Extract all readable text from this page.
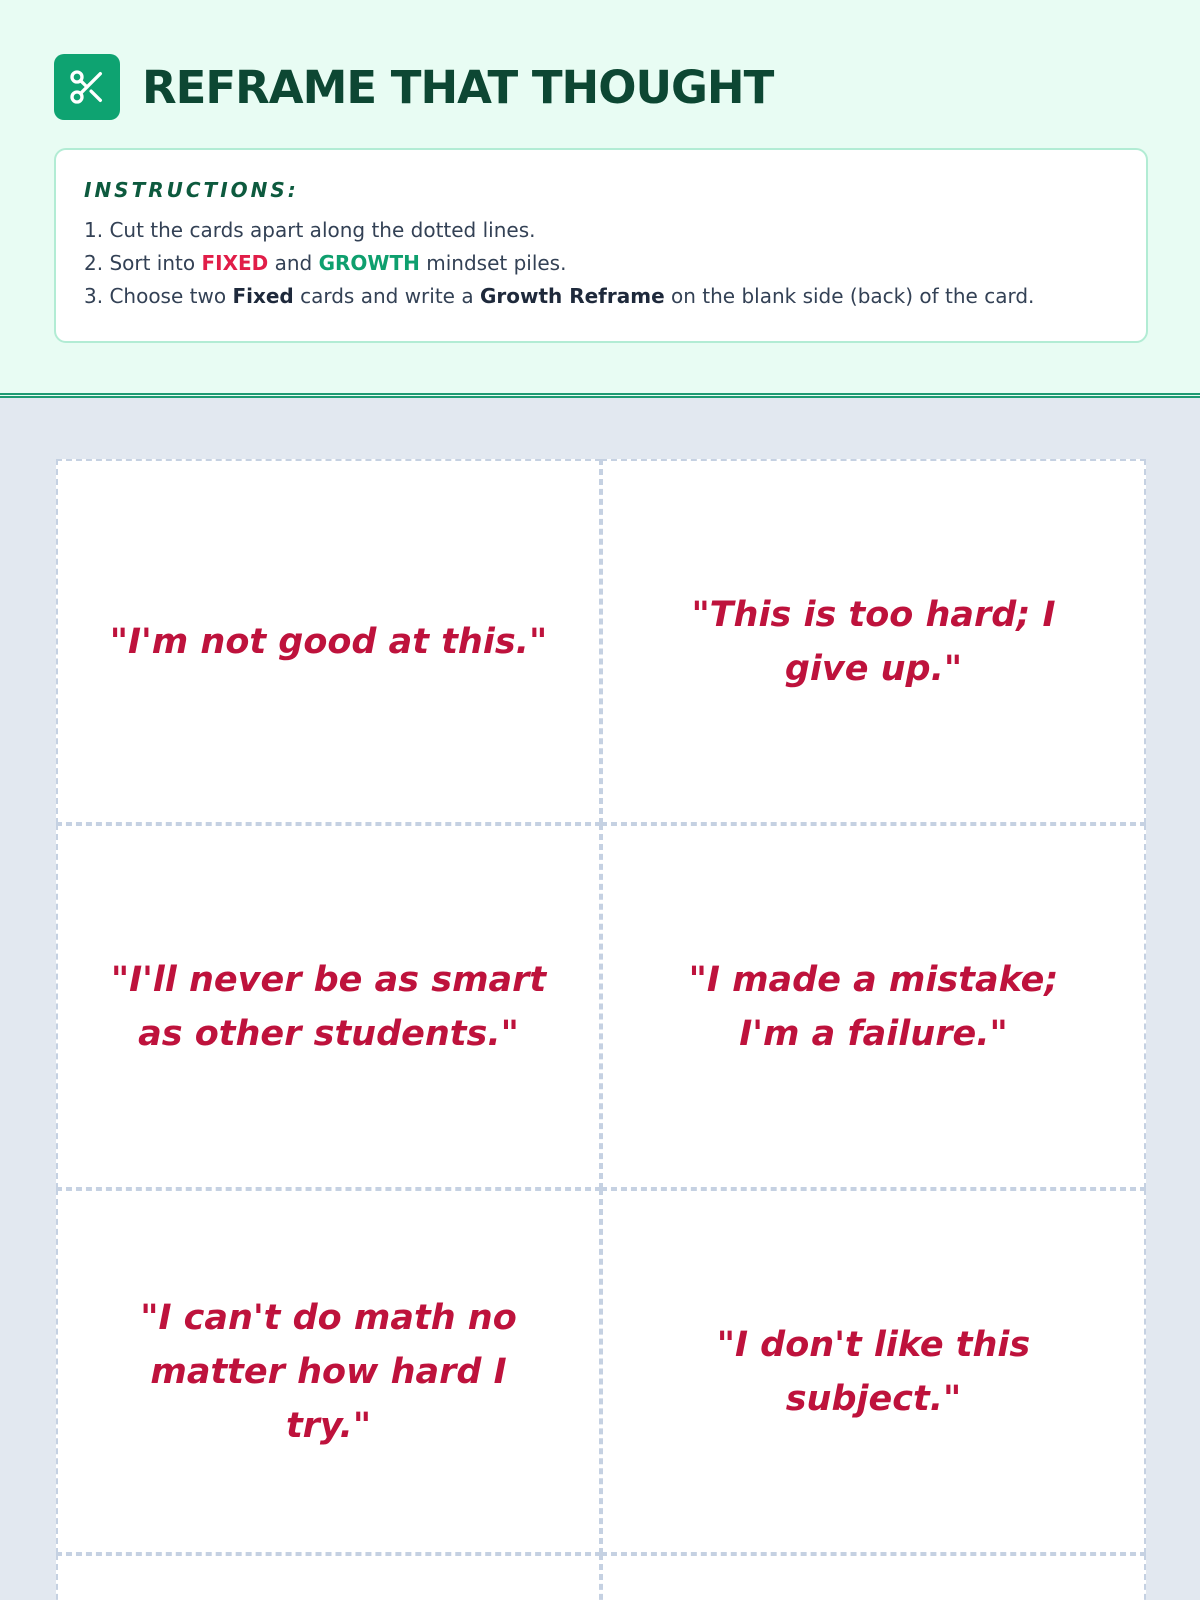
REFRAME THAT THOUGHT
INSTRUCTIONS:
1. Cut the cards apart along the dotted lines.
2. Sort into FIXED and GROWTH mindset piles.
3. Choose two Fixed cards and write a Growth Reframe on the blank side (back) of the card.
"I'm not good at this."
"This is too hard; I give up."
"I'll never be as smart as other students."
"I made a mistake; I'm a failure."
"I can't do math no matter how hard I try."
"I don't like this subject."
